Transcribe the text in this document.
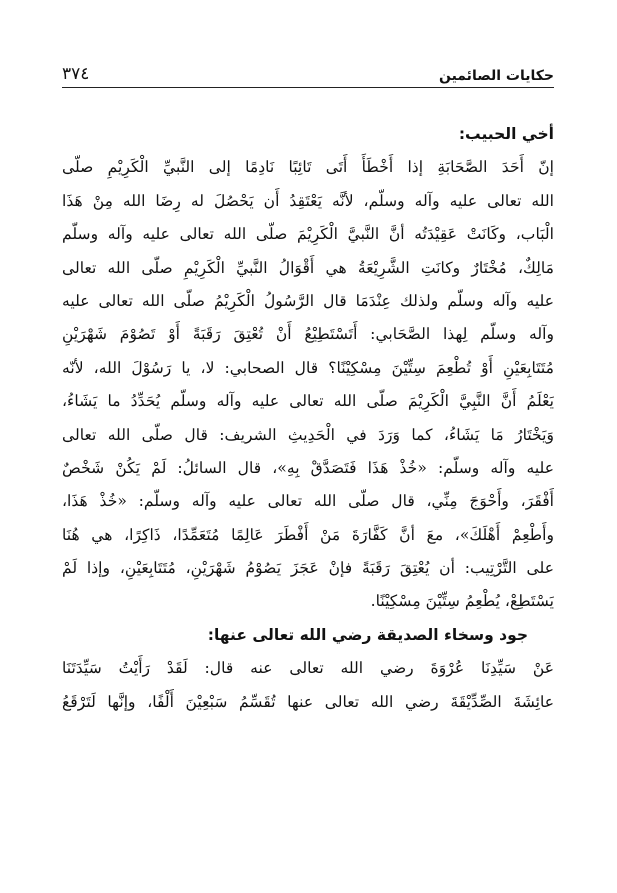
حكايات الصائمين
٣٧٤
أخي الحبيب:
إنّ أَحَدَ الصَّحَابَةِ إذا أَخْطَأَ أَتَى تَائِبًا نَادِمًا إلى النَّبيِّ الْكَرِيْمِ صلّى
الله تعالى عليه وآله وسلّم، لأنَّه يَعْتَقِدُ أَن يَحْصُلَ له رِضَا الله مِنْ هَذَا
الْبَاب، وكَانَتْ عَقِيْدَتُه أنَّ النَّبيَّ الْكَرِيْمَ صلّى الله تعالى عليه وآله وسلّم
مَالِكٌ، مُخْتَارٌ وكانَتِ الشَّرِيْعَةُ هي أَقْوَالُ النَّبيِّ الْكَرِيْمِ صلّى الله تعالى
عليه وآله وسلّم ولذلك عِنْدَمَا قال الرَّسُولُ الْكَرِيْمُ صلّى الله تعالى عليه
وآله وسلّم لِهذا الصَّحَابي: أَتَسْتَطِيْعُ أَنْ تُعْتِقَ رَقَبَةً أَوْ تَصُوْمَ شَهْرَيْنِ
مُتَتَابِعَيْنِ أَوْ تُطْعِمَ سِتِّيْنَ مِسْكِيْنًا؟ قال الصحابي: لا، يا رَسُوْلَ الله، لأنّه
يَعْلَمُ أَنَّ النَّبِيَّ الْكَرِيْمَ صلّى الله تعالى عليه وآله وسلّم يُحَدِّدُ ما يَشَاءُ،
وَيَخْتَارُ مَا يَشَاءُ، كما وَرَدَ في الْحَدِيثِ الشريف: قال صلّى الله تعالى
عليه وآله وسلّم: «خُذْ هَذَا فَتَصَدَّقْ بِهِ»، قال السائلُ: لَمْ يَكُنْ شَخْصٌ
أَفْقَرَ، وأَحْوَجَ مِنِّي، قال صلّى الله تعالى عليه وآله وسلّم: «خُذْ هَذَا،
وأَطْعِمْ أَهْلَكَ»، معَ أنَّ كَفَّارَةَ مَنْ أَفْطَرَ عَالِمًا مُتَعَمِّدًا، ذَاكِرًا، هي هُنَا
على التَّرْتِيب: أن يُعْتِقَ رَقَبَةً فإنْ عَجَزَ يَصُوْمُ شَهْرَيْنِ، مُتَتَابِعَيْنِ، وإذا لَمْ
يَسْتَطِعْ، يُطْعِمُ سِتِّيْنَ مِسْكِيْنًا.
جود وسخاء الصديقة رضي الله تعالى عنها:
عَنْ سَيِّدِنَا عُرْوَةَ رضي الله تعالى عنه قال: لَقَدْ رَأَيْتُ سَيِّدَتَنَا
عائِشَةَ الصِّدِّيْقَةَ رضي الله تعالى عنها تُقَسِّمُ سَبْعِيْنَ أَلْفًا، وإنَّها لَتَرْقَعُ
